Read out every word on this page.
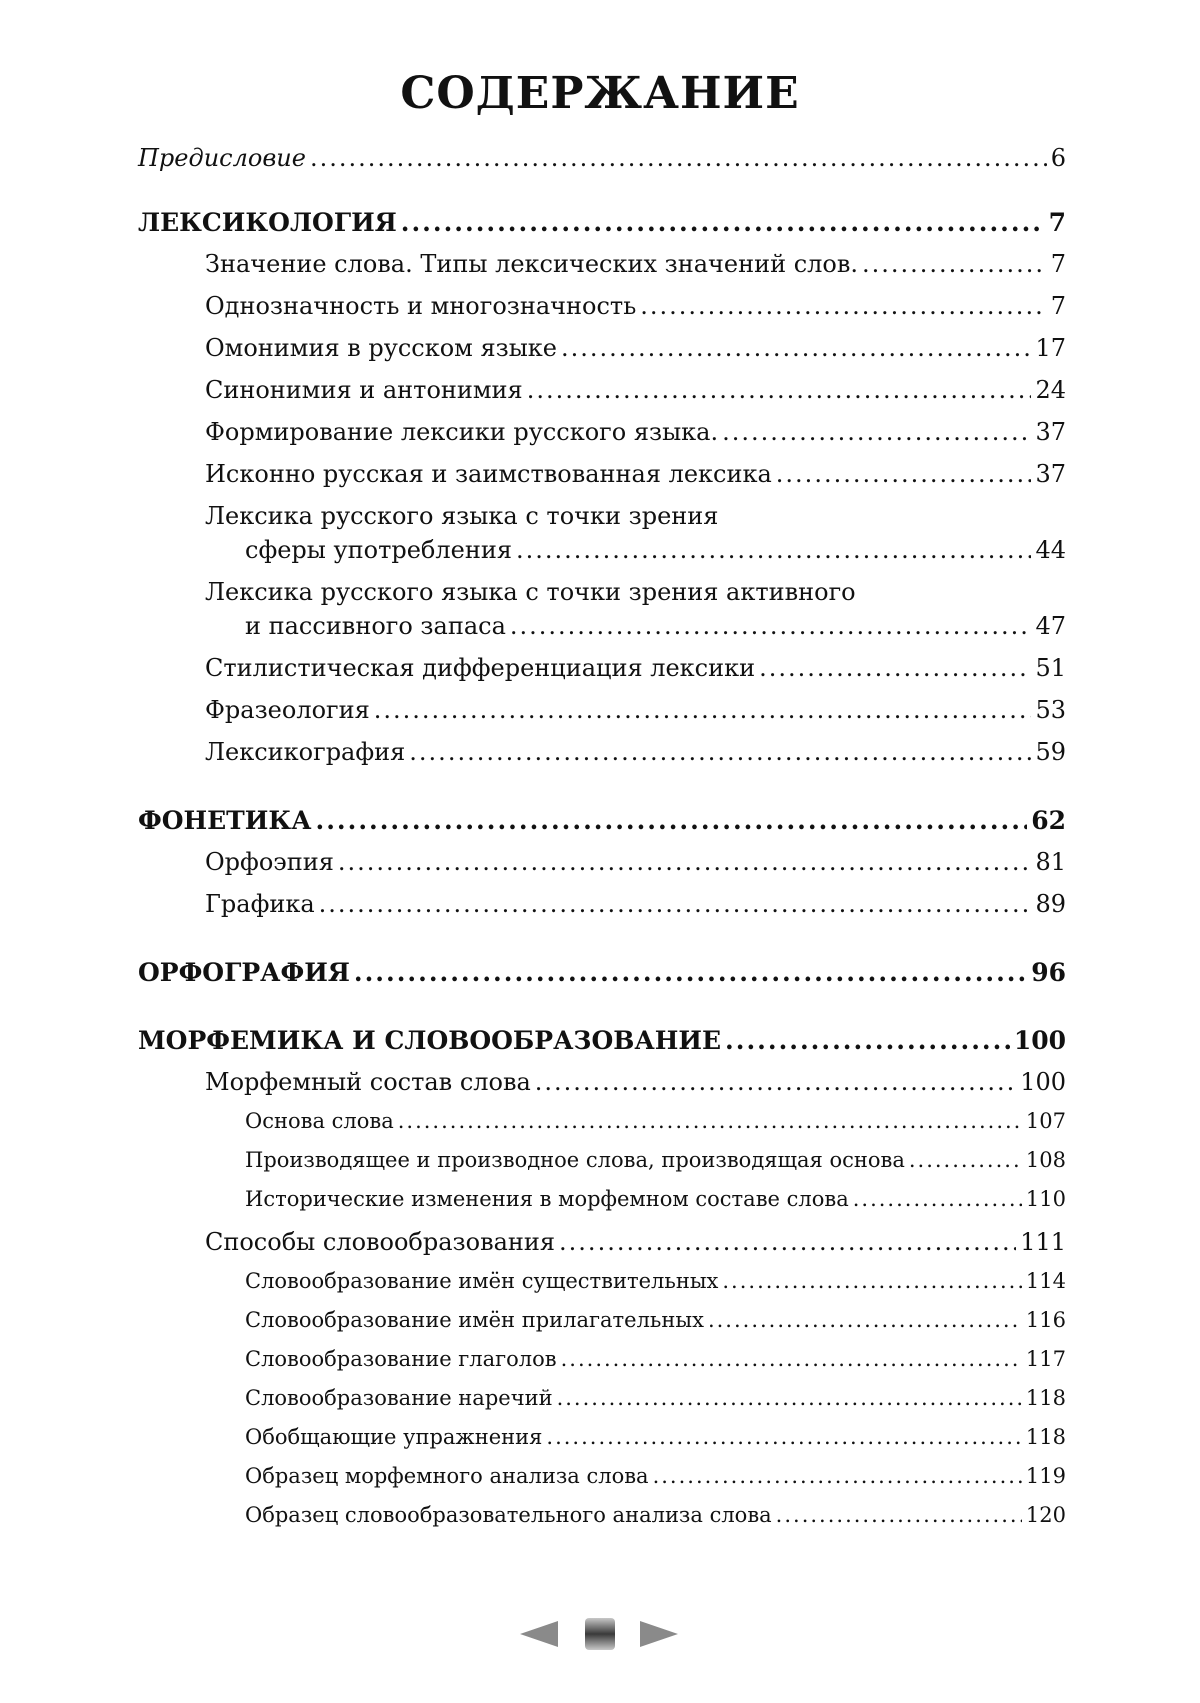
СОДЕРЖАНИЕ
Предисловие .....	6
ЛЕКСИКОЛОГИЯ .....	7
Значение слова. Типы лексических значений слов. .....	7
Однозначность и многозначность .....	7
Омонимия в русском языке .....	17
Синонимия и антонимия .....	24
Формирование лексики русского языка. .....	37
Исконно русская и заимствованная лексика .....	37
Лексика русского языка с точки зрения
сферы употребления .....	44
Лексика русского языка с точки зрения активного
и пассивного запаса .....	47
Стилистическая дифференциация лексики .....	51
Фразеология .....	53
Лексикография .....	59
ФОНЕТИКА .....	62
Орфоэпия .....	81
Графика .....	89
ОРФОГРАФИЯ .....	96
МОРФЕМИКА И СЛОВООБРАЗОВАНИЕ .....	100
Морфемный состав слова .....	100
Основа слова .....	107
Производящее и производное слова, производящая основа .....	108
Исторические изменения в морфемном составе слова .....	110
Способы словообразования .....	111
Словообразование имён существительных .....	114
Словообразование имён прилагательных .....	116
Словообразование глаголов .....	117
Словообразование наречий .....	118
Обобщающие упражнения .....	118
Образец морфемного анализа слова .....	119
Образец словообразовательного анализа слова .....	120
